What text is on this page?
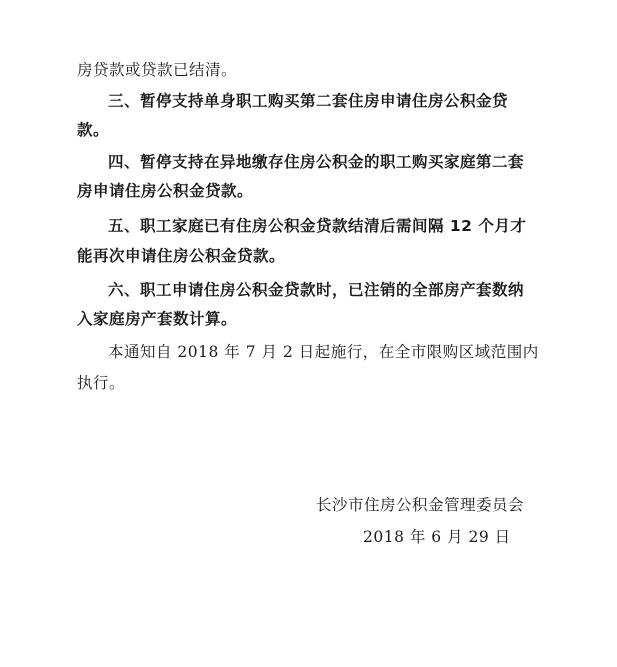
房贷款或贷款已结清。
三、暂停支持单身职工购买第二套住房申请住房公积金贷
款。
四、暂停支持在异地缴存住房公积金的职工购买家庭第二套
房申请住房公积金贷款。
五、职工家庭已有住房公积金贷款结清后需间隔 12 个月才
能再次申请住房公积金贷款。
六、职工申请住房公积金贷款时，已注销的全部房产套数纳
入家庭房产套数计算。
本通知自 2018 年 7 月 2 日起施行，在全市限购区域范围内
执行。
长沙市住房公积金管理委员会
2018 年 6 月 29 日
